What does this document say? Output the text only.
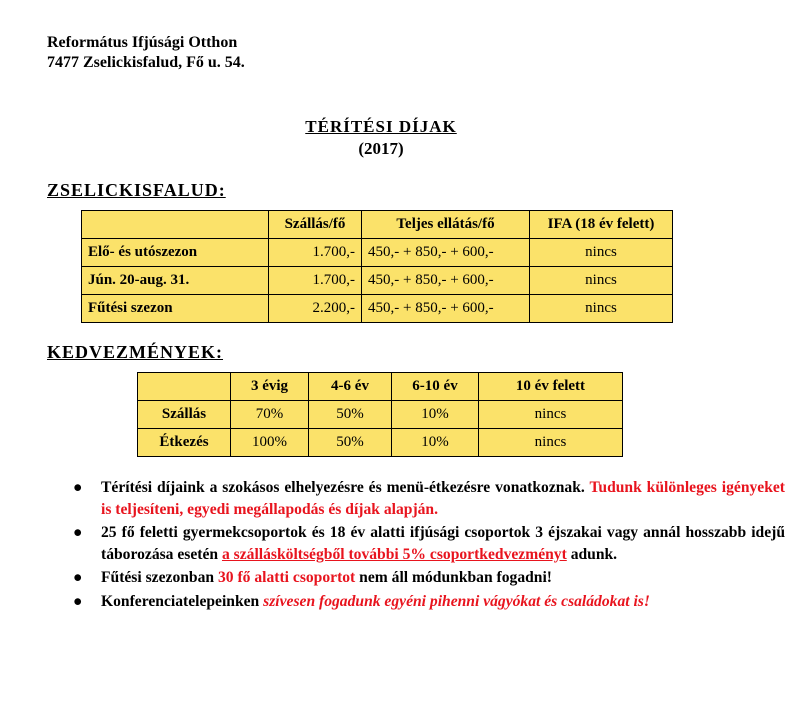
Református Ifjúsági Otthon
7477 Zselickisfalud, Fő u. 54.
TÉRÍTÉSI DÍJAK
(2017)
ZSELICKISFALUD:
	Szállás/fő	Teljes ellátás/fő	IFA (18 év felett)
Elő- és utószezon	1.700,-	450,- + 850,- + 600,-	nincs
Jún. 20-aug. 31.	1.700,-	450,- + 850,- + 600,-	nincs
Fűtési szezon	2.200,-	450,- + 850,- + 600,-	nincs
KEDVEZMÉNYEK:
	3 évig	4-6 év	6-10 év	10 év felett
Szállás	70%	50%	10%	nincs
Étkezés	100%	50%	10%	nincs
● Térítési díjaink a szokásos elhelyezésre és menü-étkezésre vonatkoznak. Tudunk különleges igényeket is teljesíteni, egyedi megállapodás és díjak alapján.
● 25 fő feletti gyermekcsoportok és 18 év alatti ifjúsági csoportok 3 éjszakai vagy annál hosszabb idejű táborozása esetén a szállásköltségből további 5% csoportkedvezményt adunk.
● Fűtési szezonban 30 fő alatti csoportot nem áll módunkban fogadni!
● Konferenciatelepeinken szívesen fogadunk egyéni pihenni vágyókat és családokat is!
